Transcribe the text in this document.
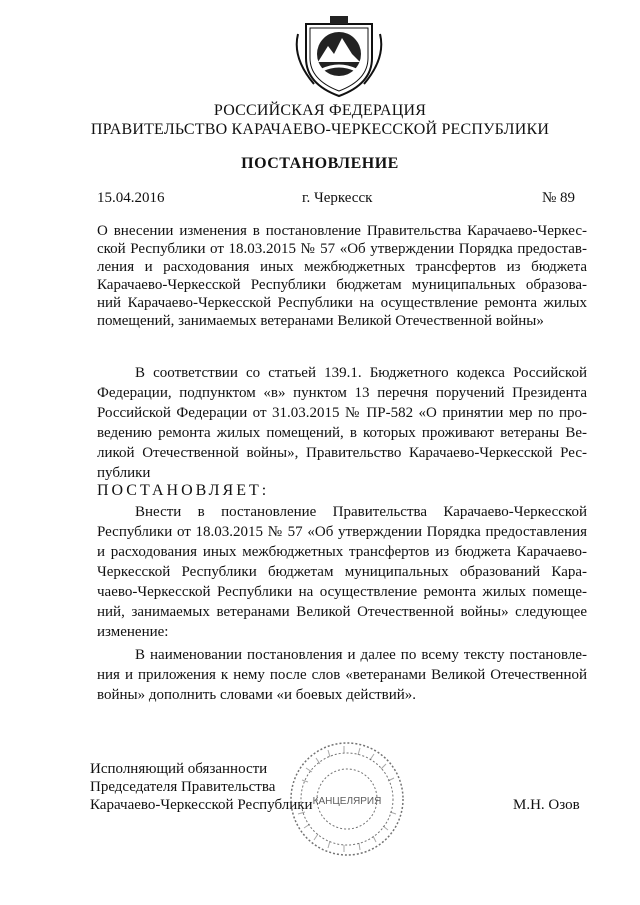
РОССИЙСКАЯ ФЕДЕРАЦИЯ
ПРАВИТЕЛЬСТВО КАРАЧАЕВО-ЧЕРКЕССКОЙ РЕСПУБЛИКИ
ПОСТАНОВЛЕНИЕ
15.04.2016	г. Черкесск	№ 89
О внесении изменения в постановление Правительства Карачаево-Черкес-
ской Республики от 18.03.2015 № 57 «Об утверждении Порядка предостав-
ления и расходования иных межбюджетных трансфертов из бюджета
Карачаево-Черкесской Республики бюджетам муниципальных образова-
ний Карачаево-Черкесской Республики на осуществление ремонта жилых
помещений, занимаемых ветеранами Великой Отечественной войны»
В соответствии со статьей 139.1. Бюджетного кодекса Российской
Федерации, подпунктом «в» пунктом 13 перечня поручений Президента
Российской Федерации от 31.03.2015 № ПР-582 «О принятии мер по про-
ведению ремонта жилых помещений, в которых проживают ветераны Ве-
ликой Отечественной войны», Правительство Карачаево-Черкесской Рес-
публики
ПОСТАНОВЛЯЕТ:
Внести в постановление Правительства Карачаево-Черкесской
Республики от 18.03.2015 № 57 «Об утверждении Порядка предоставления
и расходования иных межбюджетных трансфертов из бюджета Карачаево-
Черкесской Республики бюджетам муниципальных образований Кара-
чаево-Черкесской Республики на осуществление ремонта жилых помеще-
ний, занимаемых ветеранами Великой Отечественной войны» следующее
изменение:
В наименовании постановления и далее по всему тексту постановле-
ния и приложения к нему после слов «ветеранами Великой Отечественной
войны» дополнить словами «и боевых действий».
Исполняющий обязанности
Председателя Правительства
Карачаево-Черкесской Республики КАНЦЕЛЯРИЯ	М.Н. Озов
